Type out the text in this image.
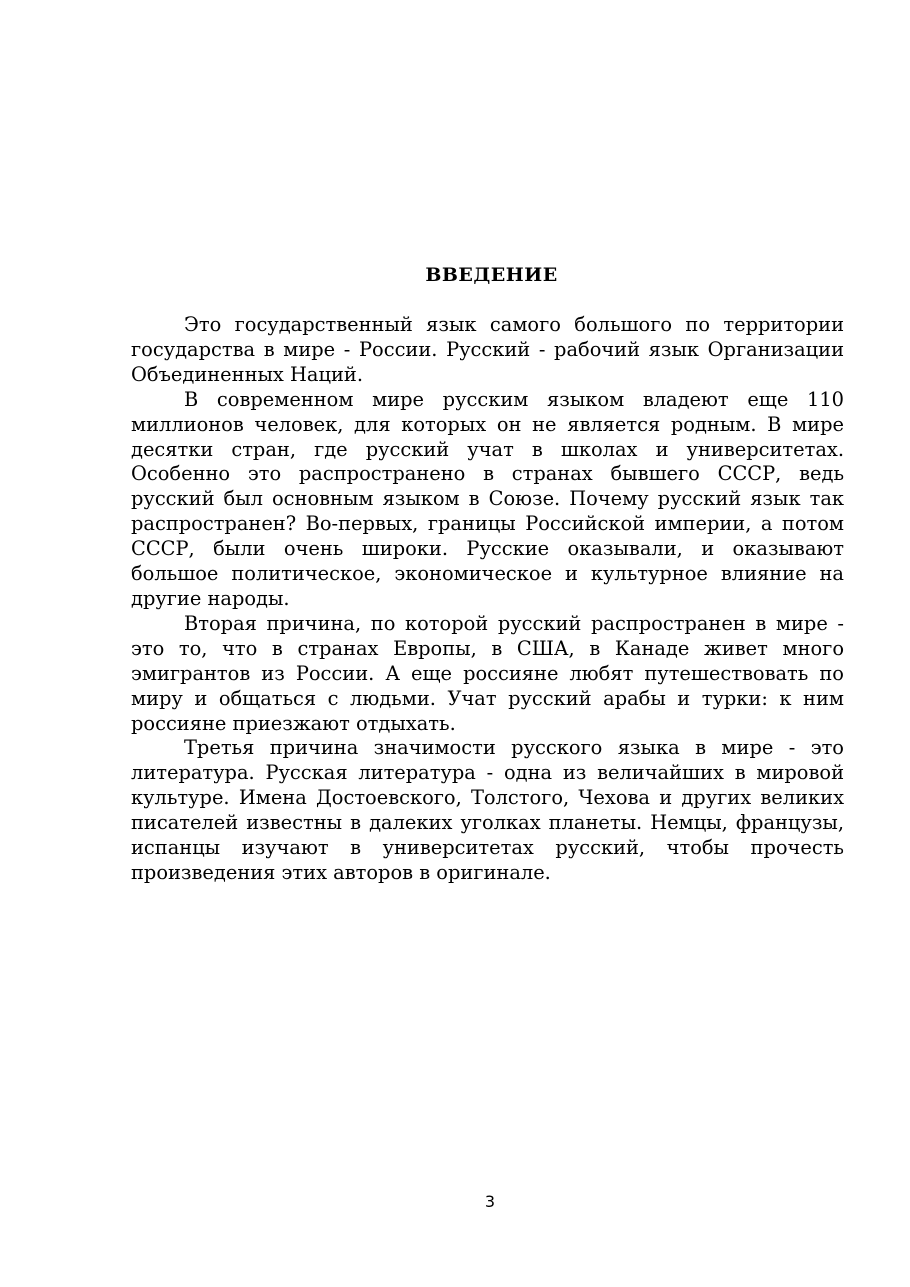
ВВЕДЕНИЕ

Это государственный язык самого большого по территории государства в мире - России. Русский - рабочий язык Организации Объединенных Наций.

В современном мире русским языком владеют еще 110 миллионов человек, для которых он не является родным. В мире десятки стран, где русский учат в школах и университетах. Особенно это распространено в странах бывшего СССР, ведь русский был основным языком в Союзе. Почему русский язык так распространен? Во-первых, границы Российской империи, а потом СССР, были очень широки. Русские оказывали, и оказывают большое политическое, экономическое и культурное влияние на другие народы.

Вторая причина, по которой русский распространен в мире - это то, что в странах Европы, в США, в Канаде живет много эмигрантов из России. А еще россияне любят путешествовать по миру и общаться с людьми. Учат русский арабы и турки: к ним россияне приезжают отдыхать.

Третья причина значимости русского языка в мире - это литература. Русская литература - одна из величайших в мировой культуре. Имена Достоевского, Толстого, Чехова и других великих писателей известны в далеких уголках планеты. Немцы, французы, испанцы изучают в университетах русский, чтобы прочесть произведения этих авторов в оригинале.

3
